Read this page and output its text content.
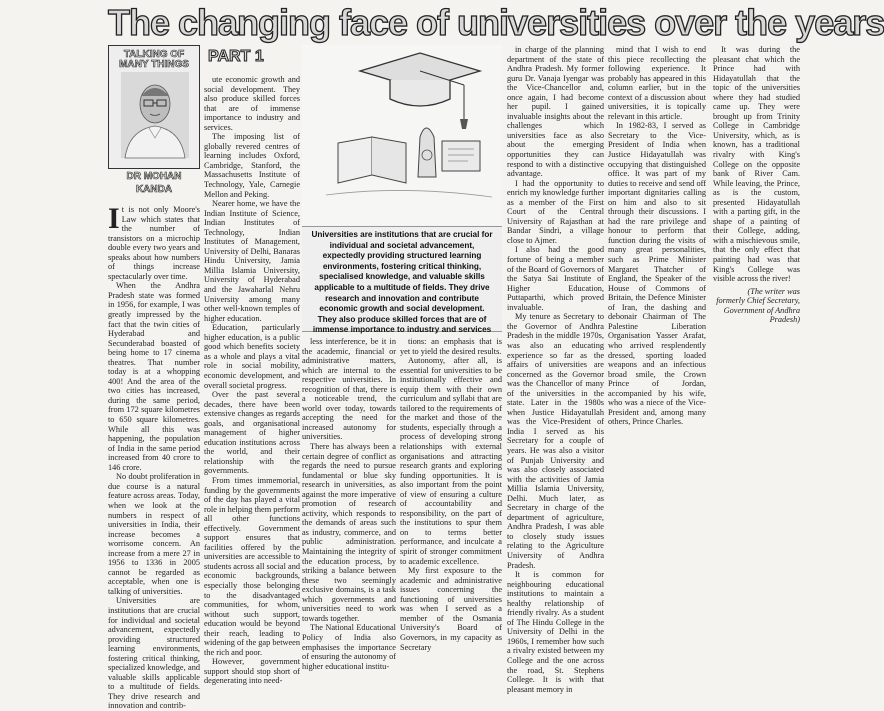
The changing face of universities over the years
TALKING OF MANY THINGS
DR MOHAN KANDA

It is not only Moore's Law which states that the number of transistors on a microchip double every two years and speaks about how numbers of things increase spectacularly over time.

When the Andhra Pradesh state was formed in 1956, for example, I was greatly impressed by the fact that the twin cities of Hyderabad and Secunderabad boasted of being home to 17 cinema theatres. That number today is at a whopping 400! And the area of the two cities has increased, during the same period, from 172 square kilometres to 650 square kilometres. While all this was happening, the population of India in the same period increased from 40 crore to 146 crore.

No doubt proliferation in due course is a natural feature across areas. Today, when we look at the numbers in respect of universities in India, their increase becomes a worrisome concern. An increase from a mere 27 in 1956 to 1336 in 2005 cannot be regarded as acceptable, when one is talking of universities.

Universities are institutions that are crucial for individual and societal advancement, expectedly providing structured learning environments, fostering critical thinking, specialized knowledge, and valuable skills applicable to a multitude of fields. They drive research and innovation and contrib-

PART 1

ute economic growth and social development. They also produce skilled forces that are of immense importance to industry and services.

The imposing list of globally revered centres of learning includes Oxford, Cambridge, Stanford, the Massachusetts Institute of Technology, Yale, Carnegie Mellon and Peking.

Nearer home, we have the Indian Institute of Science, Indian Institutes of Technology, Indian Institutes of Management, University of Delhi, Banaras Hindu University, Jamia Millia Islamia University, University of Hyderabad and the Jawaharlal Nehru University among many other well-known temples of higher education.

Education, particularly higher education, is a public good which benefits society as a whole and plays a vital role in social mobility, economic development, and overall societal progress.

Over the past several decades, there have been extensive changes as regards goals, and organisational management of higher education institutions across the world, and their relationship with the governments.

From times immemorial, funding by the governments of the day has played a vital role in helping them perform all other functions effectively. Government support ensures that facilities offered by the universities are accessible to students across all social and economic backgrounds, especially those belonging to the disadvantaged communities, for whom, without such support, education would be beyond their reach, leading to widening of the gap between the rich and poor.

However, government support should stop short of degenerating into need-

Universities are institutions that are crucial for individual and societal advancement, expectedly providing structured learning environments, fostering critical thinking, specialised knowledge, and valuable skills applicable to a multitude of fields. They drive research and innovation and contribute economic growth and social development. They also produce skilled forces that are of immense importance to industry and services

less interference, be it in the academic, financial or administrative matters, which are internal to the respective universities. In recognition of that, there is a noticeable trend, the world over today, towards accepting the need for increased autonomy for universities.

There has always been a certain degree of conflict as regards the need to pursue fundamental or blue sky research in universities, as against the more imperative promotion of research activity, which responds to the demands of areas such as industry, commerce, and public administration. Maintaining the integrity of the education process, by striking a balance between these two seemingly exclusive domains, is a task which governments and universities need to work towards together.

The National Educational Policy of India also emphasises the importance of ensuring the autonomy of higher educational institu-

tions: an emphasis that is yet to yield the desired results.

Autonomy, after all, is essential for universities to be institutionally effective and equip them with their own curriculum and syllabi that are tailored to the requirements of the market and those of the students, especially through a process of developing strong relationships with external organisations and attracting research grants and exploring funding opportunities. It is also important from the point of view of ensuring a culture of accountability and responsibility, on the part of the institutions to spur them on to terms better performance, and inculcate a spirit of stronger commitment to academic excellence.

My first exposure to the academic and administrative issues concerning the functioning of universities was when I served as a member of the Osmania University's Board of Governors, in my capacity as Secretary

in charge of the planning department of the state of Andhra Pradesh. My former guru Dr. Vanaja Iyengar was the Vice-Chancellor and, once again, I had become her pupil. I gained invaluable insights about the challenges which universities face as also about the emerging opportunities they can respond to with a distinctive advantage.

I had the opportunity to enrich my knowledge further as a member of the First Court of the Central University of Rajasthan at Bandar Sindri, a village close to Ajmer.

I also had the good fortune of being a member of the Board of Governors of the Satya Sai Institute of Higher Education, Puttaparthi, which proved invaluable.

My tenure as Secretary to the Governor of Andhra Pradesh in the middle 1970s, was also an educating experience so far as the affairs of universities are concerned as the Governor was the Chancellor of many of the universities in the state. Later in the 1980s when Justice Hidayatullah was the Vice-President of India I served as his Secretary for a couple of years. He was also a visitor of Punjab University and was also closely associated with the activities of Jamia Millia Islamia University, Delhi. Much later, as Secretary in charge of the department of agriculture, Andhra Pradesh, I was able to closely study issues relating to the Agriculture University of Andhra Pradesh.

It is common for neighbouring educational institutions to maintain a healthy relationship of friendly rivalry. As a student of The Hindu College in the University of Delhi in the 1960s, I remember how such a rivalry existed between my College and the one across the road, St. Stephens College. It is with that pleasant memory in

mind that I wish to end this piece recollecting the following experience. It probably has appeared in this column earlier, but in the context of a discussion about universities, it is topically relevant in this article.

In 1982-83, I served as Secretary to the Vice-President of India when Justice Hidayatullah was occupying that distinguished office. It was part of my duties to receive and send off important dignitaries calling on him and also to sit through their discussions. I had the rare privilege and honour to perform that function during the visits of many great personalities, such as Prime Minister Margaret Thatcher of England, the Speaker of the House of Commons of Britain, the Defence Minister of Iran, the dashing and debonair Chairman of The Palestine Liberation Organisation Yasser Arafat, who arrived resplendently dressed, sporting loaded weapons and an infectious broad smile, the Crown Prince of Jordan, accompanied by his wife, who was a niece of the Vice-President and, among many others, Prince Charles.

It was during the pleasant chat which the Prince had with Hidayatullah that the topic of the universities where they had studied came up. They were brought up from Trinity College in Cambridge University, which, as is known, has a traditional rivalry with King's College on the opposite bank of River Cam. While leaving, the Prince, as is the custom, presented Hidayatullah with a parting gift, in the shape of a painting of their College, adding, with a mischievous smile, that the only effect that painting had was that King's College was visible across the river!

(The writer was formerly Chief Secretary, Government of Andhra Pradesh)
